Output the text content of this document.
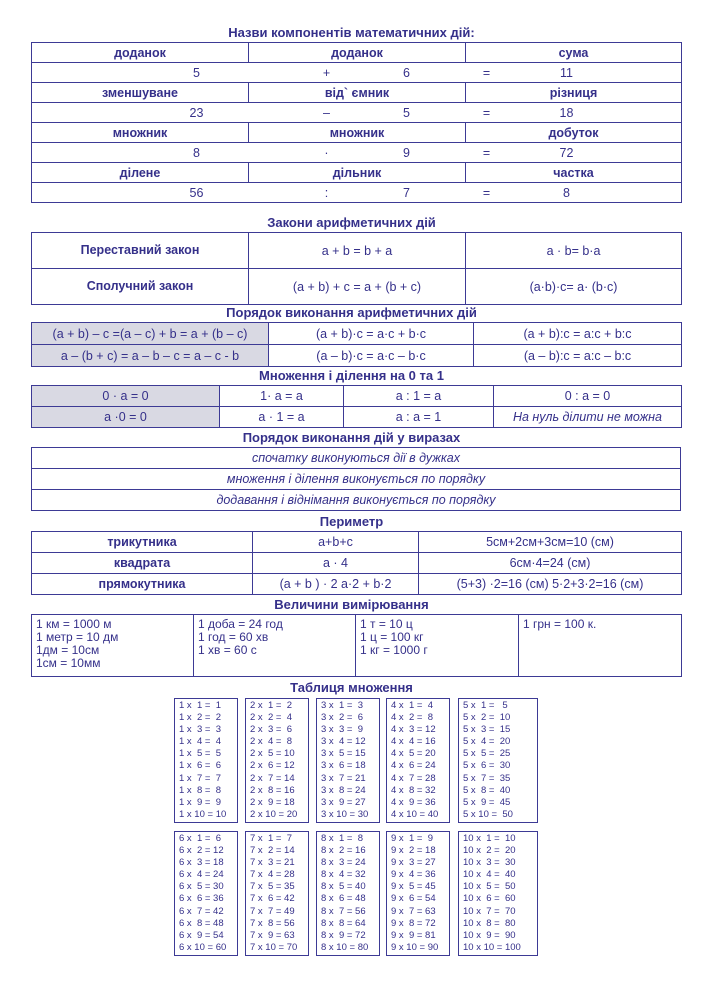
Назви компонентів математичних дій:
доданок	доданок	сума
5 + 6 = 11		
зменшуване	від` ємник	різниця
23 – 5 = 18		
множник	множник	добуток
8 · 9 = 72		
ділене	дільник	частка
56 : 7 = 8		
Закони арифметичних дій
Переставний закон	a + b = b + a	a · b= b·a
Сполучний закон	(a + b) + c = a + (b + c)	(a·b)·c= a· (b·c)
Порядок виконання арифметичних дій
(a + b) – c =(a – c) + b = a + (b – c)	(a + b)·c = a·c + b·c	(a + b):c = a:c + b:c
a – (b + c) = a – b – c = a – c - b	(a – b)·c = a·c – b·c	(a – b):c = a:c – b:c
Множення і ділення на 0 та 1
0 · a = 0	1· a = a	a : 1 = a	0 : a = 0
a ·0 = 0	a · 1 = a	a : a = 1	На нуль ділити не можна
Порядок виконання дій у виразах
спочатку виконуються дії в дужках
множення і ділення виконується по порядку
додавання і віднімання виконується по порядку
Периметр
трикутника	a+b+c	5см+2см+3см=10 (см)
квадрата	a · 4	6см·4=24 (см)
прямокутника	(a + b ) · 2 a·2 + b·2	(5+3) ·2=16 (см) 5·2+3·2=16 (см)
Величини вимірювання
1 км = 1000 м
1 метр = 10 дм
1дм = 10см
1см = 10мм

1 доба = 24 год
1 год = 60 хв
1 хв = 60 с

1 т = 10 ц
1 ц = 100 кг
1 кг = 1000 г

1 грн = 100 к.
Таблиця множення
1 x  1 =  1
1 x  2 =  2
1 x  3 =  3
1 x  4 =  4
1 x  5 =  5
1 x  6 =  6
1 x  7 =  7
1 x  8 =  8
1 x  9 =  9
1 x 10 = 10
2 x  1 =  2
2 x  2 =  4
2 x  3 =  6
2 x  4 =  8
2 x  5 = 10
2 x  6 = 12
2 x  7 = 14
2 x  8 = 16
2 x  9 = 18
2 x 10 = 20
3 x  1 =  3
3 x  2 =  6
3 x  3 =  9
3 x  4 = 12
3 x  5 = 15
3 x  6 = 18
3 x  7 = 21
3 x  8 = 24
3 x  9 = 27
3 x 10 = 30
4 x  1 =  4
4 x  2 =  8
4 x  3 = 12
4 x  4 = 16
4 x  5 = 20
4 x  6 = 24
4 x  7 = 28
4 x  8 = 32
4 x  9 = 36
4 x 10 = 40
5 x  1 =   5
5 x  2 =  10
5 x  3 =  15
5 x  4 =  20
5 x  5 =  25
5 x  6 =  30
5 x  7 =  35
5 x  8 =  40
5 x  9 =  45
5 x 10 =  50
6 x  1 =  6
6 x  2 = 12
6 x  3 = 18
6 x  4 = 24
6 x  5 = 30
6 x  6 = 36
6 x  7 = 42
6 x  8 = 48
6 x  9 = 54
6 x 10 = 60
7 x  1 =  7
7 x  2 = 14
7 x  3 = 21
7 x  4 = 28
7 x  5 = 35
7 x  6 = 42
7 x  7 = 49
7 x  8 = 56
7 x  9 = 63
7 x 10 = 70
8 x  1 =  8
8 x  2 = 16
8 x  3 = 24
8 x  4 = 32
8 x  5 = 40
8 x  6 = 48
8 x  7 = 56
8 x  8 = 64
8 x  9 = 72
8 x 10 = 80
9 x  1 =  9
9 x  2 = 18
9 x  3 = 27
9 x  4 = 36
9 x  5 = 45
9 x  6 = 54
9 x  7 = 63
9 x  8 = 72
9 x  9 = 81
9 x 10 = 90
10 x  1 =  10
10 x  2 =  20
10 x  3 =  30
10 x  4 =  40
10 x  5 =  50
10 x  6 =  60
10 x  7 =  70
10 x  8 =  80
10 x  9 =  90
10 x 10 = 100
